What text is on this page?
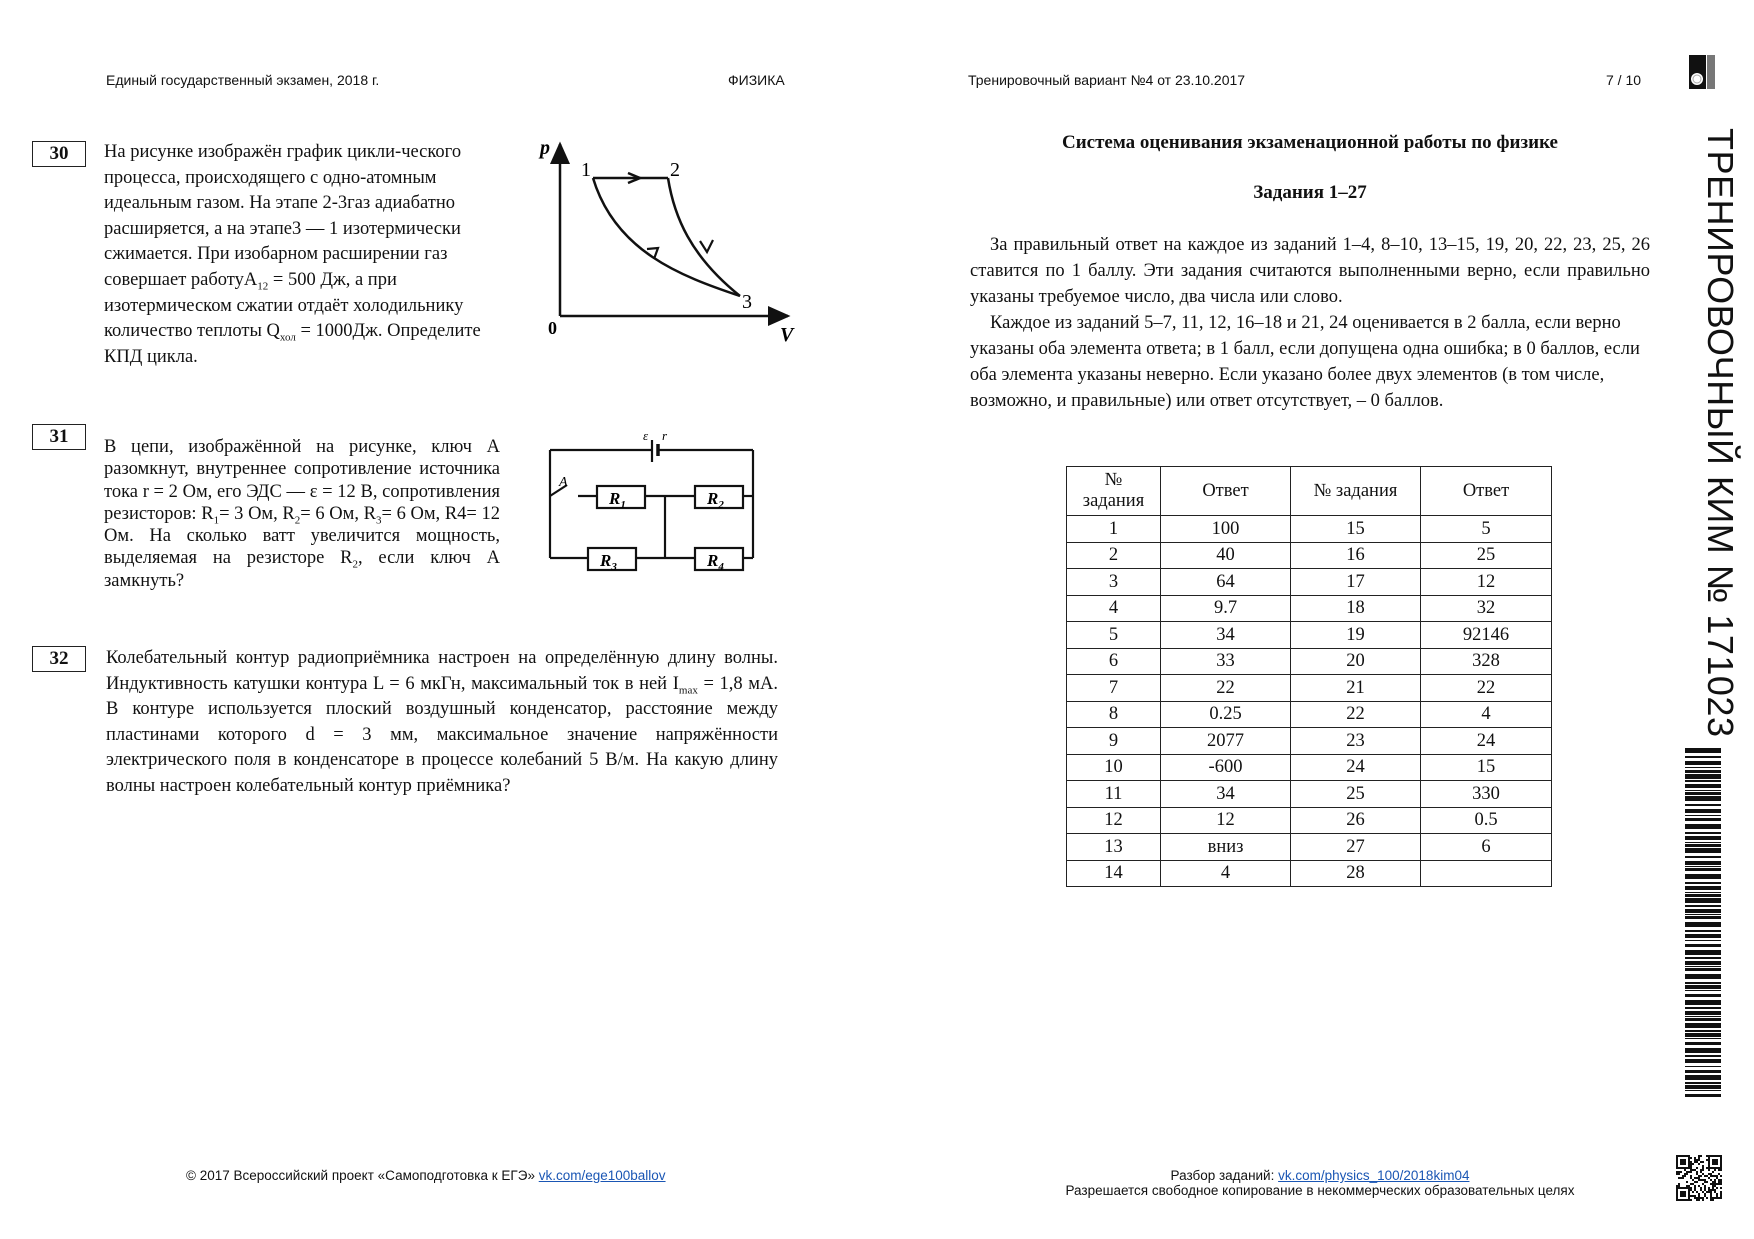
Единый государственный экзамен, 2018 г.	ФИЗИКА	Тренировочный вариант №4 от 23.10.2017	7 / 10
30	На рисунке изображён график цикли-ческого процесса, происходящего с одно-атомным идеальным газом. На этапе 2-3газ адиабатно расширяется, а на этапе3 — 1 изотермически сжимается. При изобарном расширении газ совершает работуA$_{12}$ = 500 Дж, а при изотермическом сжатии отдаёт холодильнику количество теплоты $Q_{хол} = 1000Дж$. Определите КПД цикла.
p
V
0
1	2
3
31	В цепи, изображённой на рисунке, ключ А разомкнут, внутреннее сопротивление источника тока r = 2 Ом, его ЭДС — ε = 12 В, сопротивления резисторов: $R_1= 3$ Ом, $R_2= 6$ Ом, $R_3= 6$ Ом, R4= 12 Ом. На сколько ватт увеличится мощность, выделяемая на резисторе $R_2$, если ключ А замкнуть?
ε r
A
$R_1$	$R_2$
$R_3$	$R_4$
32	Колебательный контур радиоприёмника настроен на определённую длину волны. Индуктивность катушки контура L = 6 мкГн, максимальный ток в ней $I_{max} = 1,8$ мА. В контуре используется плоский воздушный конденсатор, расстояние между пластинами которого d = 3 мм, максимальное значение напряжённости электрического поля в конденсаторе в процессе колебаний 5 В/м. На какую длину волны настроен колебательный контур приёмника?
Система оценивания экзаменационной работы по физике
Задания 1–27

За правильный ответ на каждое из заданий 1–4, 8–10, 13–15, 19, 20, 22, 23, 25, 26 ставится по 1 баллу. Эти задания считаются выполненными верно, если правильно указаны требуемое число, два числа или слово.

Каждое из заданий 5–7, 11, 12, 16–18 и 21, 24 оценивается в 2 балла, если верно указаны оба элемента ответа; в 1 балл, если допущена одна ошибка; в 0 баллов, если оба элемента указаны неверно. Если указано более двух элементов (в том числе, возможно, и правильные) или ответ отсутствует, – 0 баллов.

№
задания	Ответ	№ задания	Ответ
1	100	15	5
2	40	16	25
3	64	17	12
4	9.7	18	32
5	34	19	92146
6	33	20	328
7	22	21	22
8	0.25	22	4
9	2077	23	24
10	-600	24	15
11	34	25	330
12	12	26	0.5
13	вниз	27	6
14	4	28	
ТРЕНИРОВОЧНЫЙ КИМ № 171023
© 2017 Всероссийский проект «Самоподготовка к ЕГЭ» vk.com/ege100ballov	Разбор заданий: vk.com/physics_100/2018kim04
Разрешается свободное копирование в некоммерческих образовательных целях
